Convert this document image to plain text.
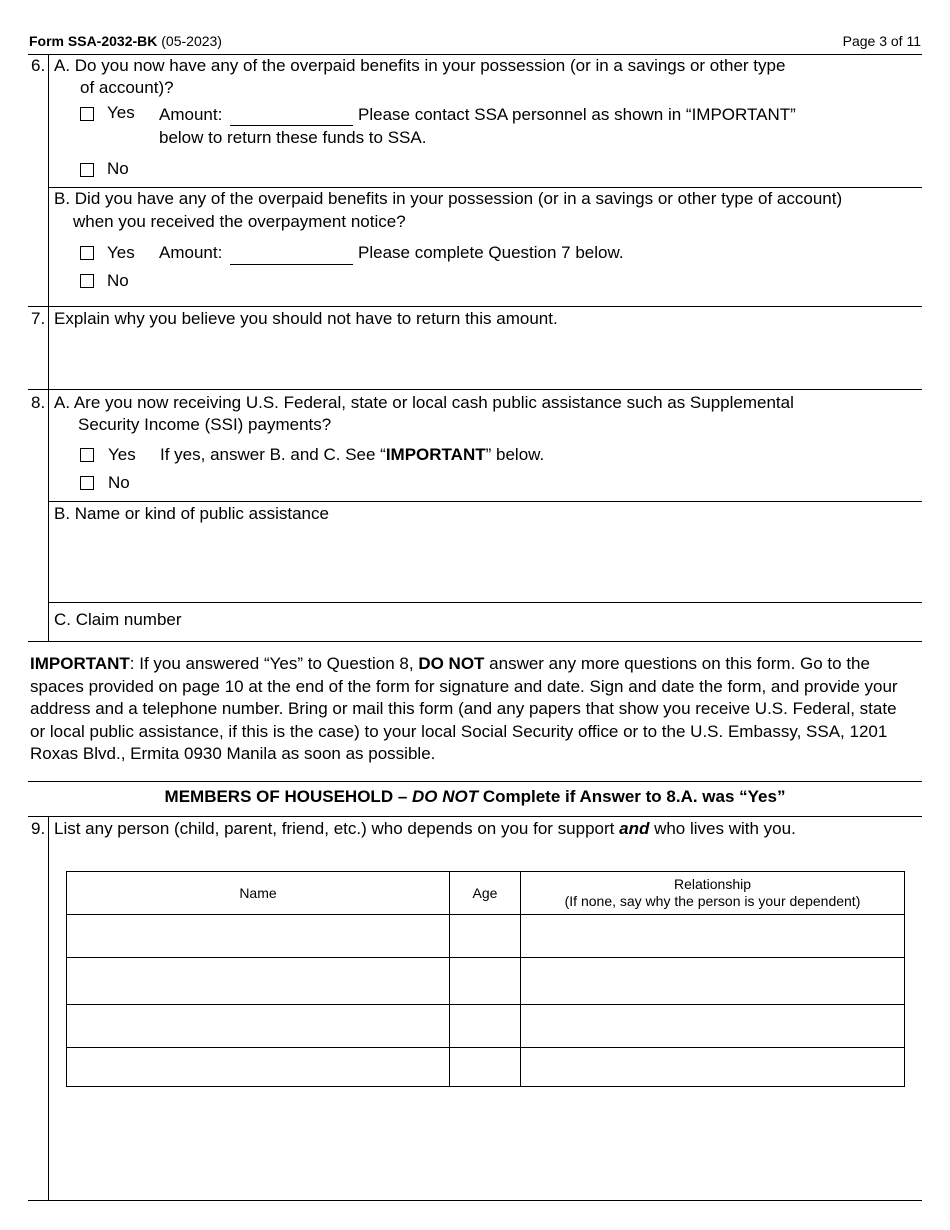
Form SSA-2032-BK (05-2023)	Page 3 of 11
6. A. Do you now have any of the overpaid benefits in your possession (or in a savings or other type
of account)?
Yes Amount:	Please contact SSA personnel as shown in “IMPORTANT”
below to return these funds to SSA.
No
B. Did you have any of the overpaid benefits in your possession (or in a savings or other type of account)
when you received the overpayment notice?
Yes Amount:	Please complete Question 7 below.
No
7. Explain why you believe you should not have to return this amount.
8. A. Are you now receiving U.S. Federal, state or local cash public assistance such as Supplemental
Security Income (SSI) payments?
Yes If yes, answer B. and C. See “IMPORTANT” below.
No
B. Name or kind of public assistance
C. Claim number
IMPORTANT: If you answered “Yes” to Question 8, DO NOT answer any more questions on this form. Go to the spaces provided on page 10 at the end of the form for signature and date. Sign and date the form, and provide your address and a telephone number. Bring or mail this form (and any papers that show you receive U.S. Federal, state or local public assistance, if this is the case) to your local Social Security office or to the U.S. Embassy, SSA, 1201 Roxas Blvd., Ermita 0930 Manila as soon as possible.
MEMBERS OF HOUSEHOLD – DO NOT Complete if Answer to 8.A. was “Yes”
9. List any person (child, parent, friend, etc.) who depends on you for support and who lives with you.
Name	Age	Relationship
(If none, say why the person is your dependent)
